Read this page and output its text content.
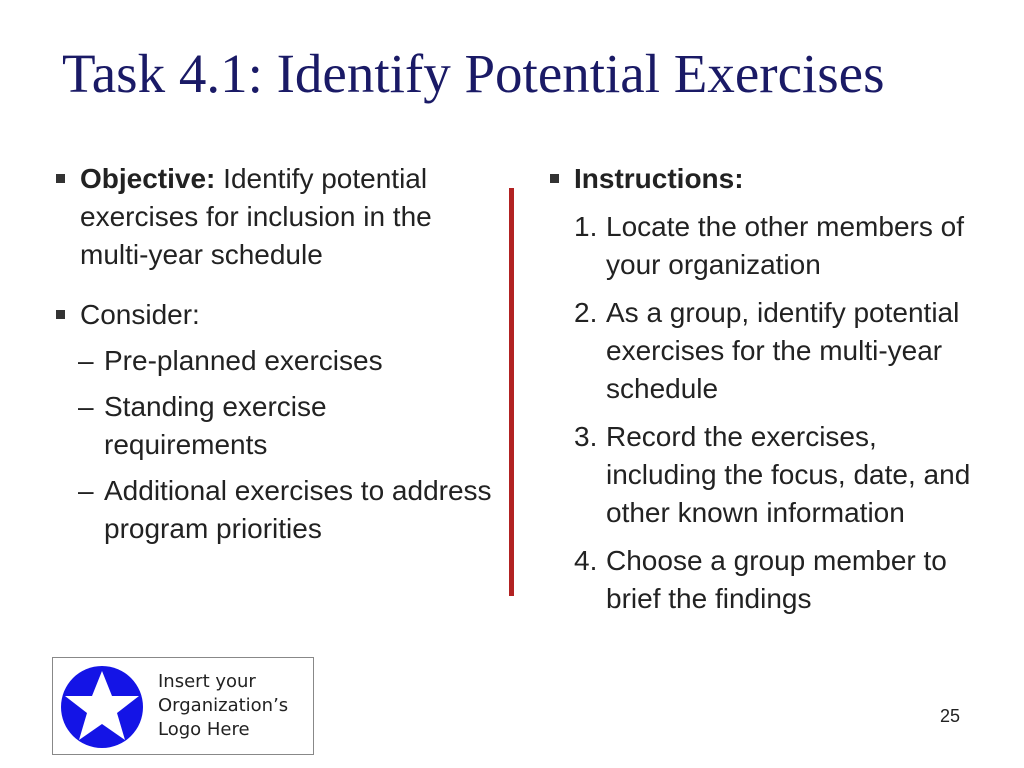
Task 4.1: Identify Potential Exercises
Objective: Identify potential exercises for inclusion in the multi-year schedule
Consider:
– Pre-planned exercises
– Standing exercise requirements
– Additional exercises to address program priorities
Instructions:
1. Locate the other members of your organization
2. As a group, identify potential exercises for the multi-year schedule
3. Record the exercises, including the focus, date, and other known information
4. Choose a group member to brief the findings
Insert your
Organization’s
Logo Here
25
